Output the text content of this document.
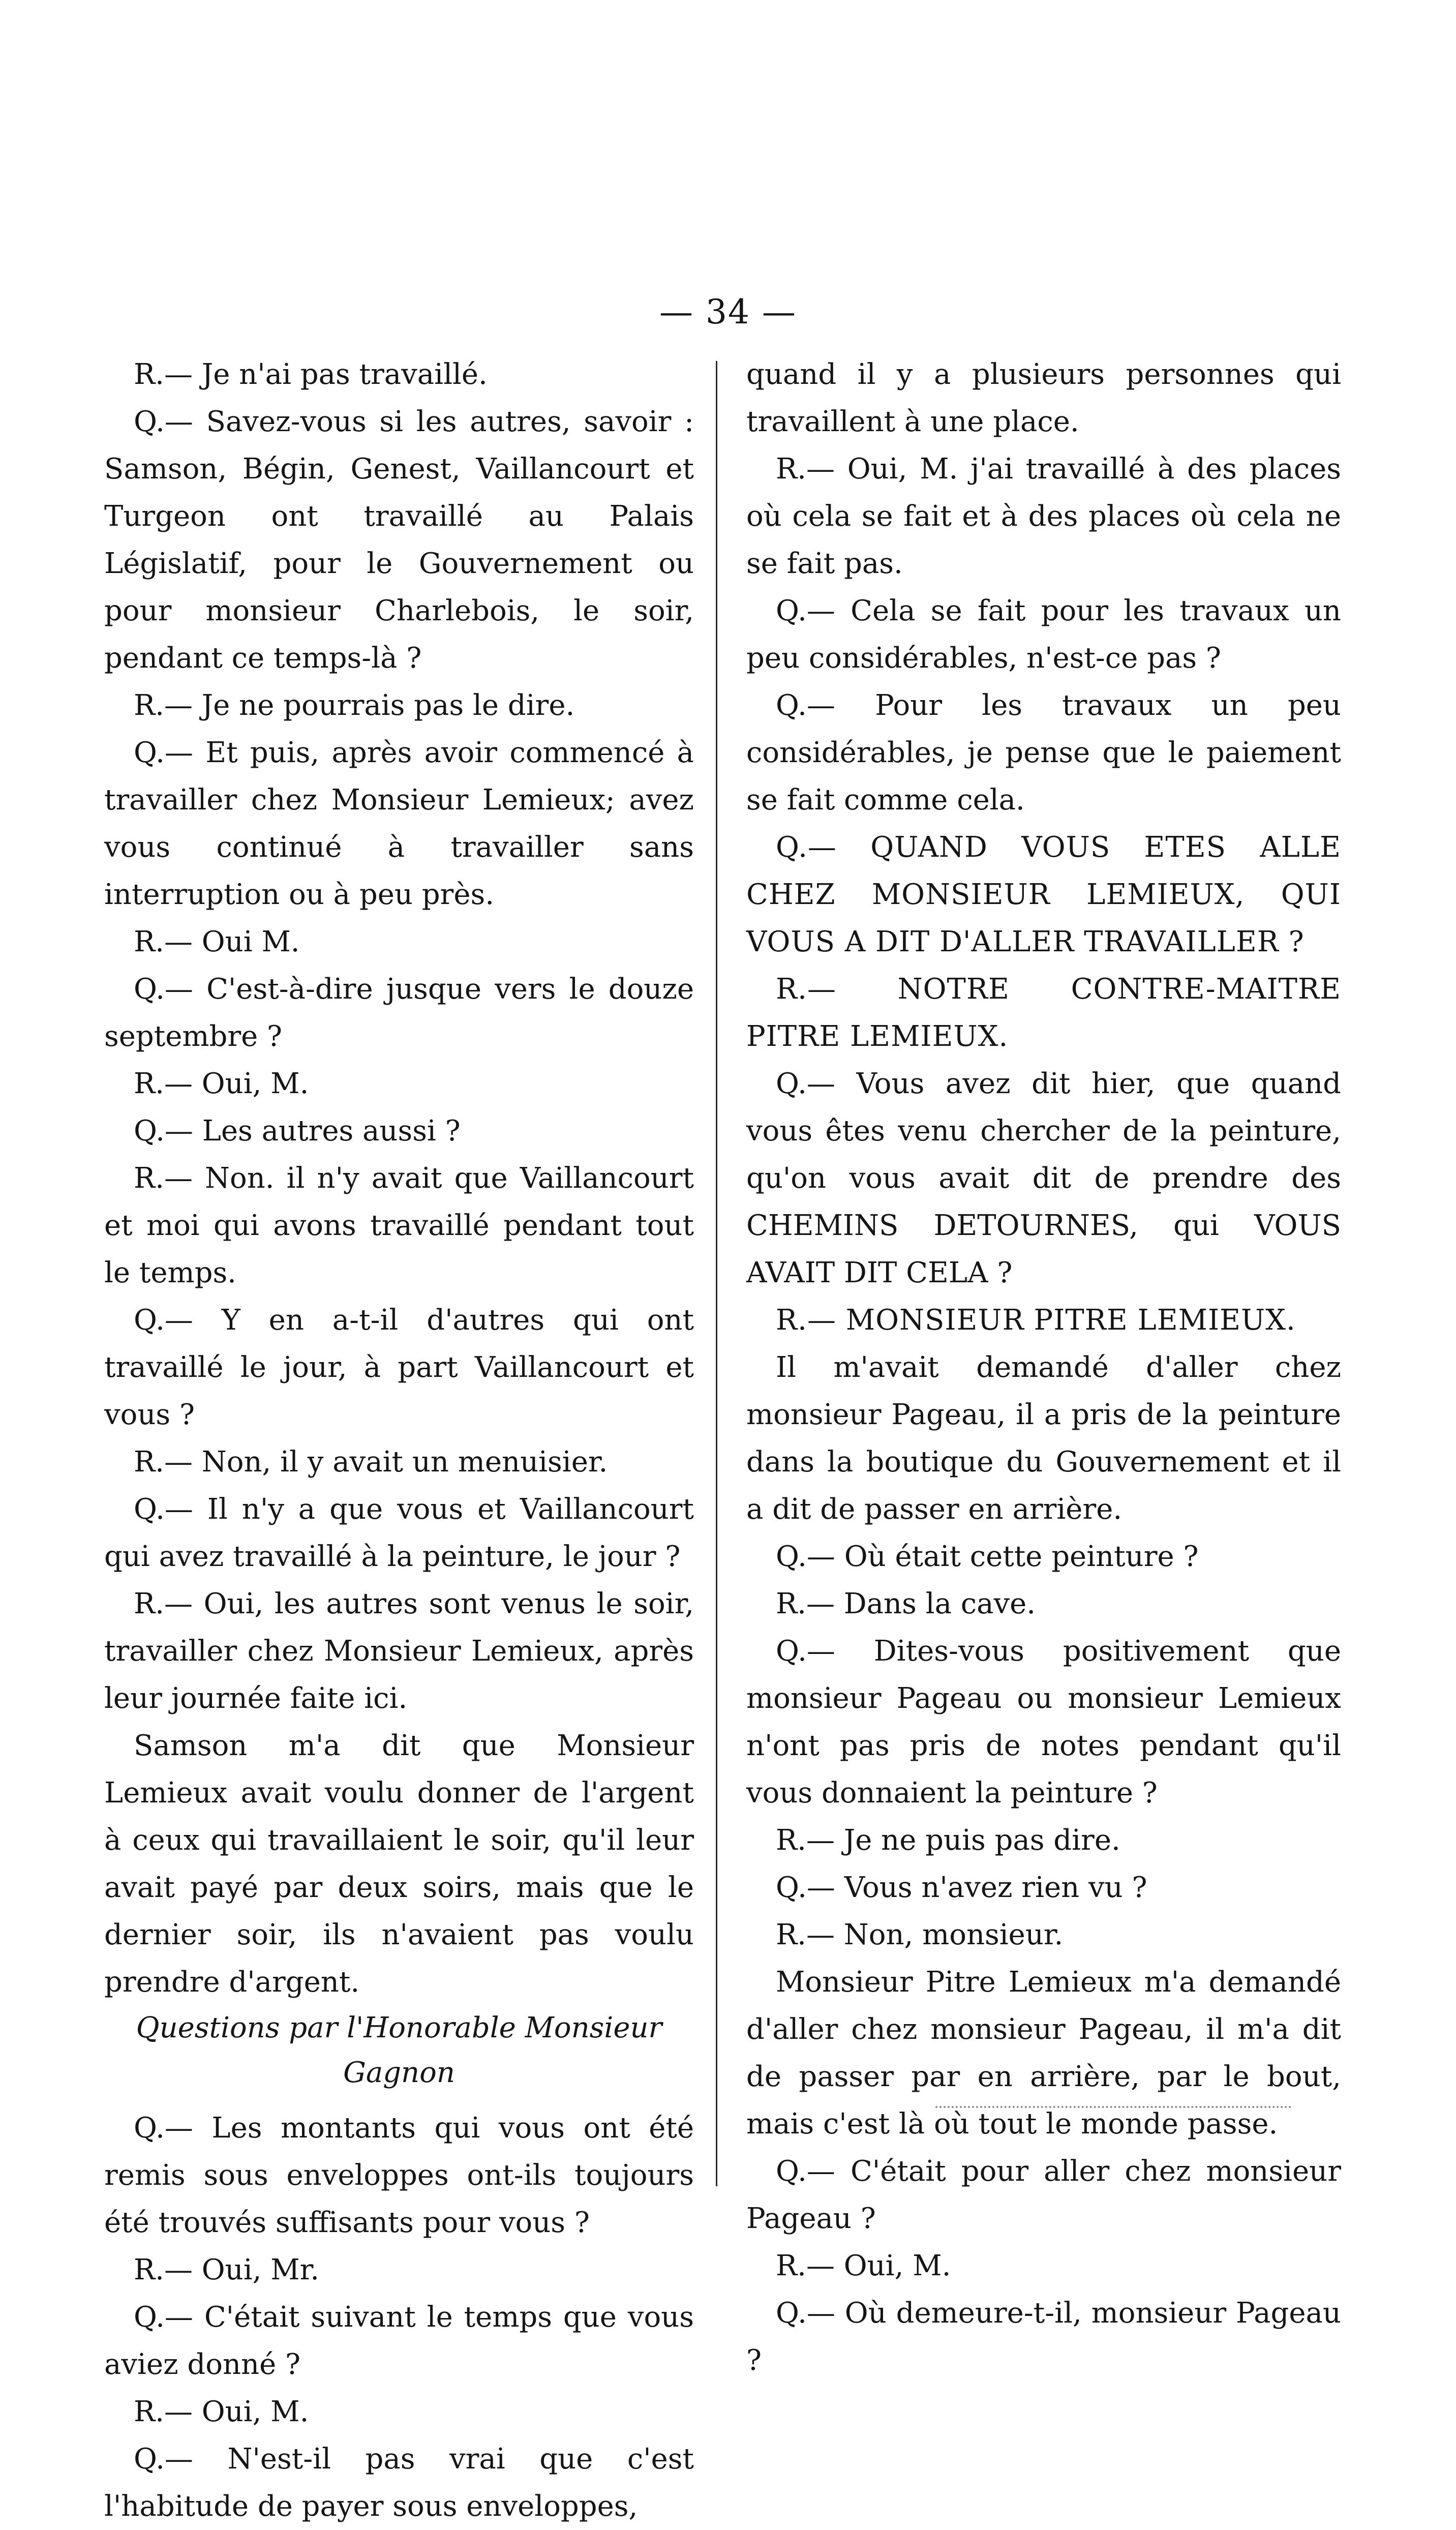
— 34 —

R.— Je n'ai pas travaillé.

Q.— Savez-vous si les autres, savoir : Samson, Bégin, Genest, Vaillancourt et Turgeon ont travaillé au Palais Législatif, pour le Gouvernement ou pour monsieur Charlebois, le soir, pendant ce temps-là ?

R.— Je ne pourrais pas le dire.

Q.— Et puis, après avoir commencé à travailler chez Monsieur Lemieux; avez vous continué à travailler sans interruption ou à peu près.

R.— Oui M.

Q.— C'est-à-dire jusque vers le douze septembre ?

R.— Oui, M.

Q.— Les autres aussi ?

R.— Non. il n'y avait que Vaillancourt et moi qui avons travaillé pendant tout le temps.

Q.— Y en a-t-il d'autres qui ont travaillé le jour, à part Vaillancourt et vous ?

R.— Non, il y avait un menuisier.

Q.— Il n'y a que vous et Vaillancourt qui avez travaillé à la peinture, le jour ?

R.— Oui, les autres sont venus le soir, travailler chez Monsieur Lemieux, après leur journée faite ici.

Samson m'a dit que Monsieur Lemieux avait voulu donner de l'argent à ceux qui travaillaient le soir, qu'il leur avait payé par deux soirs, mais que le dernier soir, ils n'avaient pas voulu prendre d'argent.

Questions par l'Honorable Monsieur

Gagnon

Q.— Les montants qui vous ont été remis sous enveloppes ont-ils toujours été trouvés suffisants pour vous ?

R.— Oui, Mr.

Q.— C'était suivant le temps que vous aviez donné ?

R.— Oui, M.

Q.— N'est-il pas vrai que c'est l'habitude de payer sous enveloppes,

quand il y a plusieurs personnes qui travaillent à une place.

R.— Oui, M. j'ai travaillé à des places où cela se fait et à des places où cela ne se fait pas.

Q.— Cela se fait pour les travaux un peu considérables, n'est-ce pas ?

Q.— Pour les travaux un peu considérables, je pense que le paiement se fait comme cela.

Q.— QUAND VOUS ETES ALLE CHEZ MONSIEUR LEMIEUX, QUI VOUS A DIT D'ALLER TRAVAILLER ?

R.— NOTRE CONTRE-MAITRE PITRE LEMIEUX.

Q.— Vous avez dit hier, que quand vous êtes venu chercher de la peinture, qu'on vous avait dit de prendre des CHEMINS DETOURNES, qui VOUS AVAIT DIT CELA ?

R.— MONSIEUR PITRE LEMIEUX.

Il m'avait demandé d'aller chez monsieur Pageau, il a pris de la peinture dans la boutique du Gouvernement et il a dit de passer en arrière.

Q.— Où était cette peinture ?

R.— Dans la cave.

Q.— Dites-vous positivement que monsieur Pageau ou monsieur Lemieux n'ont pas pris de notes pendant qu'il vous donnaient la peinture ?

R.— Je ne puis pas dire.

Q.— Vous n'avez rien vu ?

R.— Non, monsieur.

Monsieur Pitre Lemieux m'a demandé d'aller chez monsieur Pageau, il m'a dit de passer par en arrière, par le bout, mais c'est là où tout le monde passe.

Q.— C'était pour aller chez monsieur Pageau ?

R.— Oui, M.

Q.— Où demeure-t-il, monsieur Pageau ?
